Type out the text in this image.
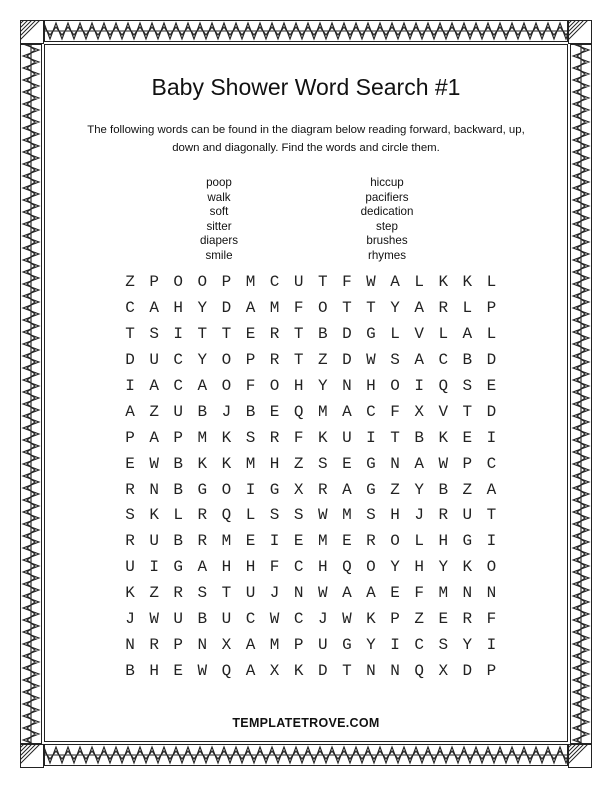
Baby Shower Word Search #1
The following words can be found in the diagram below reading forward, backward, up, down and diagonally. Find the words and circle them.
poop
walk
soft
sitter
diapers
smile
hiccup
pacifiers
dedication
step
brushes
rhymes
Z P O O P M C U T F W A L K K L
C A H Y D A M F O T T Y A R L P
T S I T T E R T B D G L V L A L
D U C Y O P R T Z D W S A C B D
I A C A O F O H Y N H O I Q S E
A Z U B J B E Q M A C F X V T D
P A P M K S R F K U I T B K E I
E W B K K M H Z S E G N A W P C
R N B G O I G X R A G Z Y B Z A
S K L R Q L S S W M S H J R U T
R U B R M E I E M E R O L H G I
U I G A H H F C H Q O Y H Y K O
K Z R S T U J N W A A E F M N N
J W U B U C W C J W K P Z E R F
N R P N X A M P U G Y I C S Y I
B H E W Q A X K D T N N Q X D P
TEMPLATETROVE.COM
